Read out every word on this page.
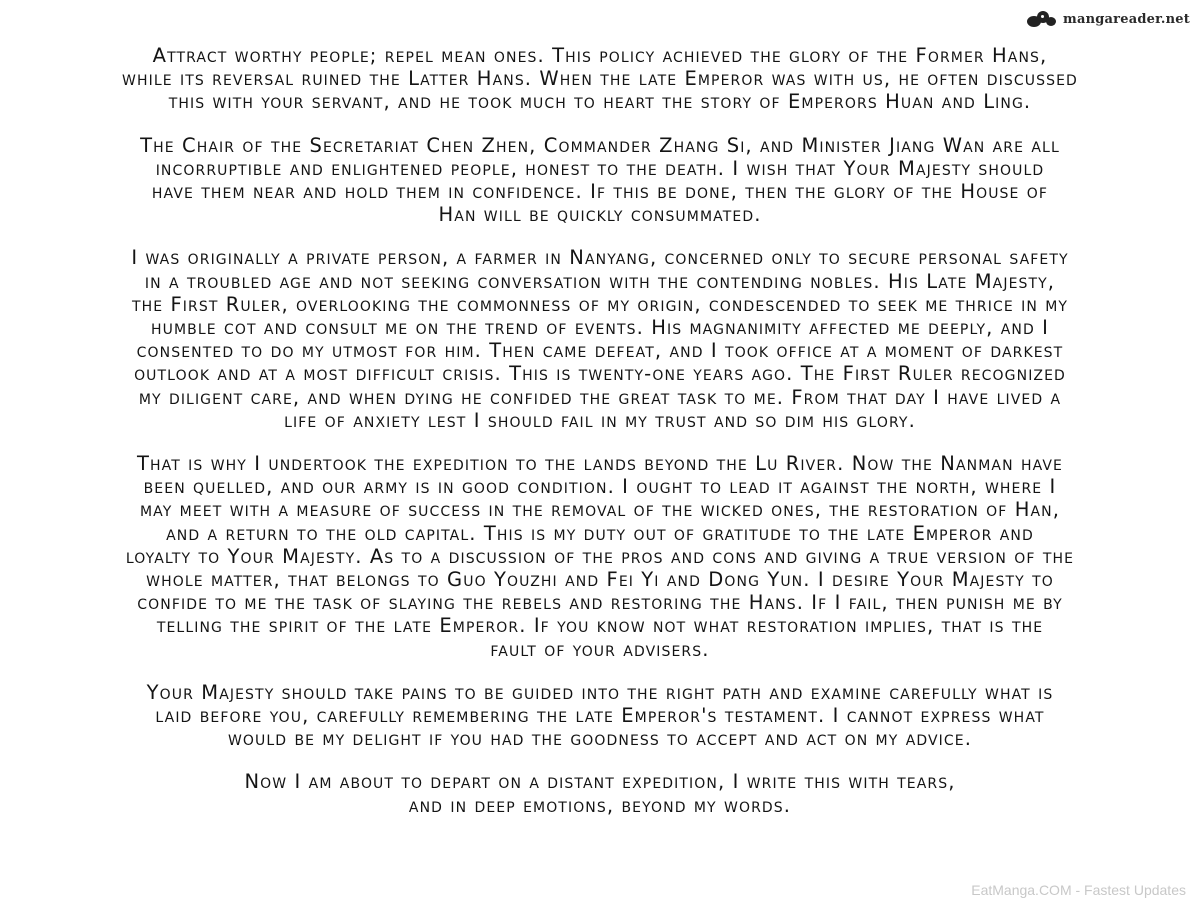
mangareader.net

Attract worthy people; repel mean ones. This policy achieved the glory of the Former Hans,
while its reversal ruined the Latter Hans. When the late Emperor was with us, he often discussed
this with your servant, and he took much to heart the story of Emperors Huan and Ling.

The Chair of the Secretariat Chen Zhen, Commander Zhang Si, and Minister Jiang Wan are all
incorruptible and enlightened people, honest to the death. I wish that Your Majesty should
have them near and hold them in confidence. If this be done, then the glory of the House of
Han will be quickly consummated.

I was originally a private person, a farmer in Nanyang, concerned only to secure personal safety
in a troubled age and not seeking conversation with the contending nobles. His Late Majesty,
the First Ruler, overlooking the commonness of my origin, condescended to seek me thrice in my
humble cot and consult me on the trend of events. His magnanimity affected me deeply, and I
consented to do my utmost for him. Then came defeat, and I took office at a moment of darkest
outlook and at a most difficult crisis. This is twenty-one years ago. The First Ruler recognized
my diligent care, and when dying he confided the great task to me. From that day I have lived a
life of anxiety lest I should fail in my trust and so dim his glory.

That is why I undertook the expedition to the lands beyond the Lu River. Now the Nanman have
been quelled, and our army is in good condition. I ought to lead it against the north, where I
may meet with a measure of success in the removal of the wicked ones, the restoration of Han,
and a return to the old capital. This is my duty out of gratitude to the late Emperor and
loyalty to Your Majesty. As to a discussion of the pros and cons and giving a true version of the
whole matter, that belongs to Guo Youzhi and Fei Yi and Dong Yun. I desire Your Majesty to
confide to me the task of slaying the rebels and restoring the Hans. If I fail, then punish me by
telling the spirit of the late Emperor. If you know not what restoration implies, that is the
fault of your advisers.

Your Majesty should take pains to be guided into the right path and examine carefully what is
laid before you, carefully remembering the late Emperor's testament. I cannot express what
would be my delight if you had the goodness to accept and act on my advice.

Now I am about to depart on a distant expedition, I write this with tears,
and in deep emotions, beyond my words.

EatManga.COM - Fastest Updates
